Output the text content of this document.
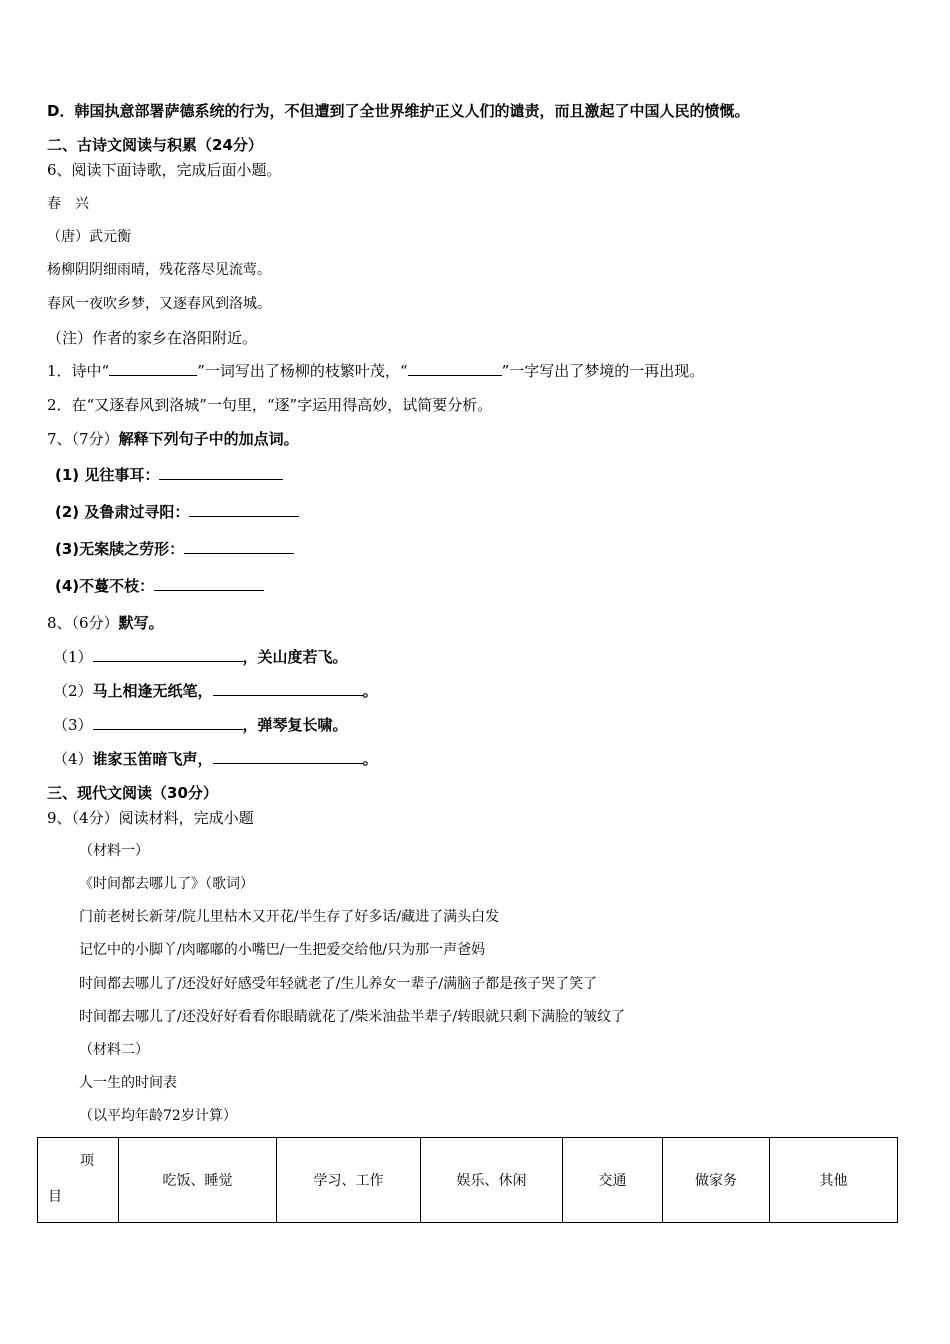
D．韩国执意部署萨德系统的行为，不但遭到了全世界维护正义人们的谴责，而且激起了中国人民的愤慨。
二、古诗文阅读与积累（24分）
6、阅读下面诗歌，完成后面小题。
春　兴
（唐）武元衡
杨柳阴阴细雨晴，残花落尽见流莺。
春风一夜吹乡梦，又逐春风到洛城。
（注）作者的家乡在洛阳附近。
1．诗中“	”一词写出了杨柳的枝繁叶茂，“	”一字写出了梦境的一再出现。
2．在“又逐春风到洛城”一句里，“逐”字运用得高妙，试简要分析。
7、（7分）解释下列句子中的加点词。
(1) 见往事耳：
(2) 及鲁肃过寻阳：
(3)无案牍之劳形：
(4)不蔓不枝：
8、（6分）默写。
（1）	，关山度若飞。
（2）马上相逢无纸笔，	。
（3）	，弹琴复长啸。
（4）谁家玉笛暗飞声，	。
三、现代文阅读（30分）
9、（4分）阅读材料，完成小题
（材料一）
《时间都去哪儿了》（歌词）
门前老树长新芽/院儿里枯木又开花/半生存了好多话/藏进了满头白发
记忆中的小脚丫/肉嘟嘟的小嘴巴/一生把爱交给他/只为那一声爸妈
时间都去哪儿了/还没好好感受年轻就老了/生儿养女一辈子/满脑子都是孩子哭了笑了
时间都去哪儿了/还没好好看看你眼睛就花了/柴米油盐半辈子/转眼就只剩下满脸的皱纹了
（材料二）
人一生的时间表
（以平均年龄72岁计算）
项
目
	吃饭、睡觉	学习、工作	娱乐、休闲	交通	做家务	其他
